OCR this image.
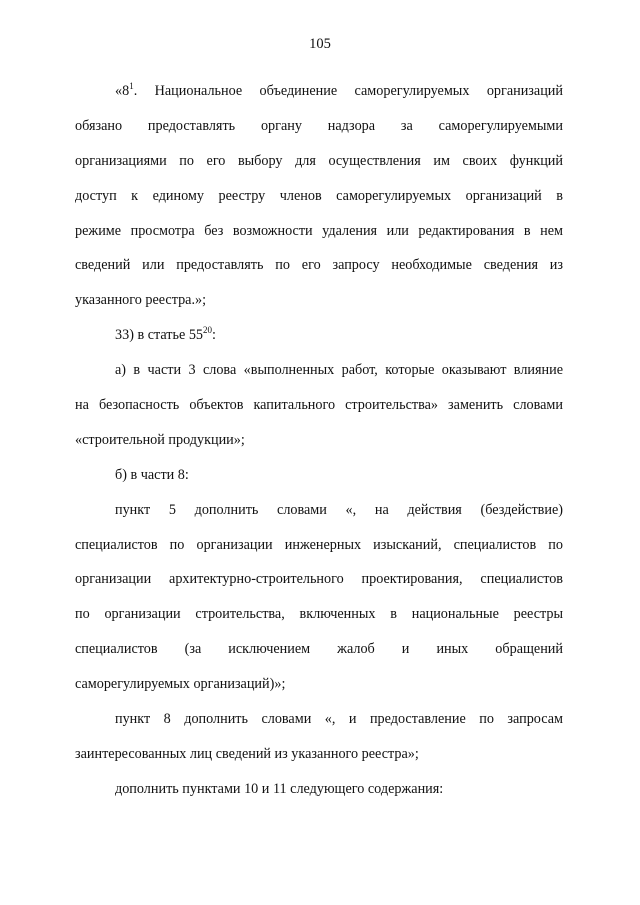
105

«$8^1$. Национальное объединение саморегулируемых организаций
обязано предоставлять органу надзора за саморегулируемыми
организациями по его выбору для осуществления им своих функций
доступ к единому реестру членов саморегулируемых организаций в
режиме просмотра без возможности удаления или редактирования в нем
сведений или предоставлять по его запросу необходимые сведения из
указанного реестра.»;

33) в статье $55^{20}$:

а) в части 3 слова «выполненных работ, которые оказывают влияние
на безопасность объектов капитального строительства» заменить словами
«строительной продукции»;

б) в части 8:

пункт 5 дополнить словами «, на действия (бездействие)
специалистов по организации инженерных изысканий, специалистов по
организации архитектурно-строительного проектирования, специалистов
по организации строительства, включенных в национальные реестры
специалистов (за исключением жалоб и иных обращений
саморегулируемых организаций)»;

пункт 8 дополнить словами «, и предоставление по запросам
заинтересованных лиц сведений из указанного реестра»;

дополнить пунктами 10 и 11 следующего содержания:
